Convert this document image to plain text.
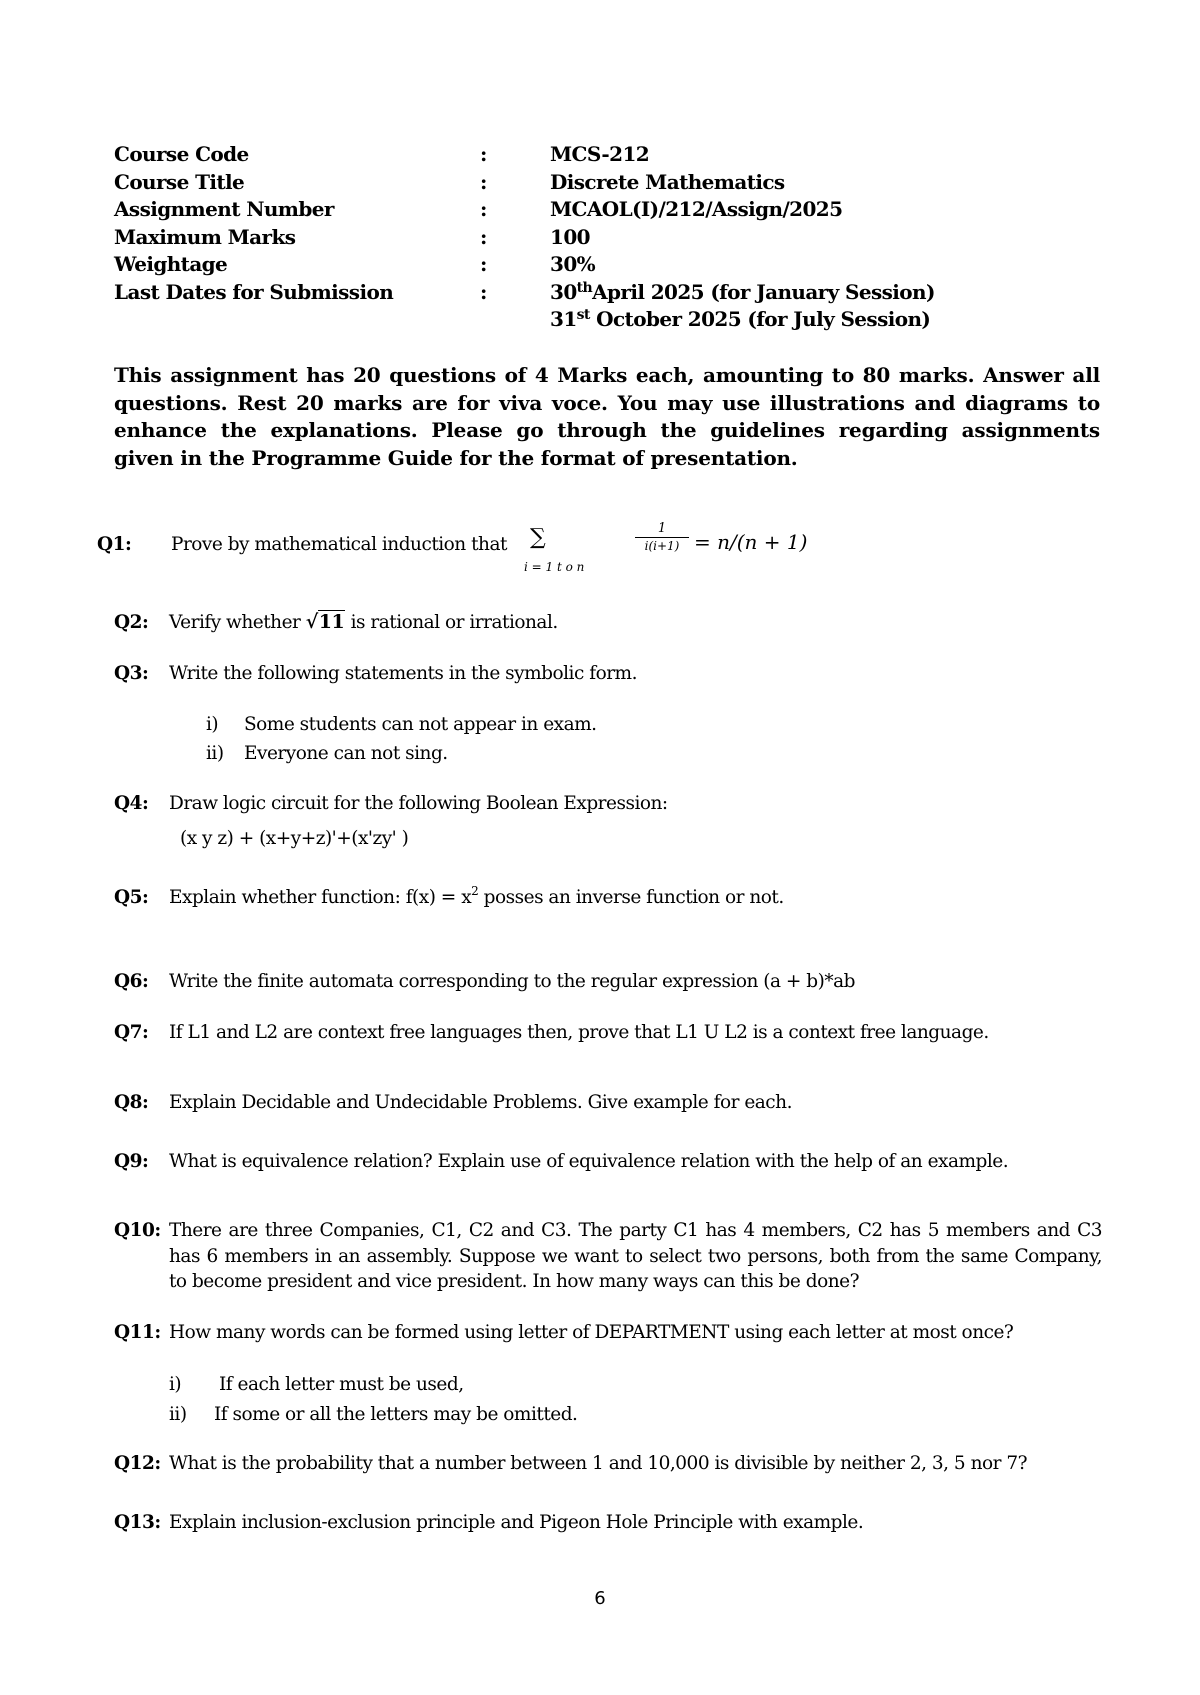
Course Code	:	MCS-212
Course Title	:	Discrete Mathematics
Assignment Number	:	MCAOL(I)/212/Assign/2025
Maximum Marks	:	100
Weightage	:	30%
Last Dates for Submission	:	30thApril 2025 (for January Session)
31st October 2025 (for July Session)
This assignment has 20 questions of 4 Marks each, amounting to 80 marks. Answer all questions. Rest 20 marks are for viva voce. You may use illustrations and diagrams to enhance the explanations. Please go through the guidelines regarding assignments given in the Programme Guide for the format of presentation.
Q1: Prove by mathematical induction that ∑
i = 1 t o n
$\frac{1}{i(i+1)} = n/(n + 1)$
Q2: Verify whether √11 is rational or irrational.
Q3: Write the following statements in the symbolic form.
i) Some students can not appear in exam.
ii) Everyone can not sing.
Q4: Draw logic circuit for the following Boolean Expression:
(x y z) + (x+y+z)'+(x'zy' )
Q5: Explain whether function: $f(x) = x^2$ posses an inverse function or not.
Q6: Write the finite automata corresponding to the regular expression (a + b)*ab
Q7: If L1 and L2 are context free languages then, prove that L1 U L2 is a context free language.
Q8: Explain Decidable and Undecidable Problems. Give example for each.
Q9: What is equivalence relation? Explain use of equivalence relation with the help of an example.
Q10: There are three Companies, C1, C2 and C3. The party C1 has 4 members, C2 has 5 members and C3 has 6 members in an assembly. Suppose we want to select two persons, both from the same Company, to become president and vice president. In how many ways can this be done?
Q11: How many words can be formed using letter of DEPARTMENT using each letter at most once?
i) If each letter must be used,
ii) If some or all the letters may be omitted.
Q12: What is the probability that a number between 1 and 10,000 is divisible by neither 2, 3, 5 nor 7?
Q13: Explain inclusion-exclusion principle and Pigeon Hole Principle with example.
6
